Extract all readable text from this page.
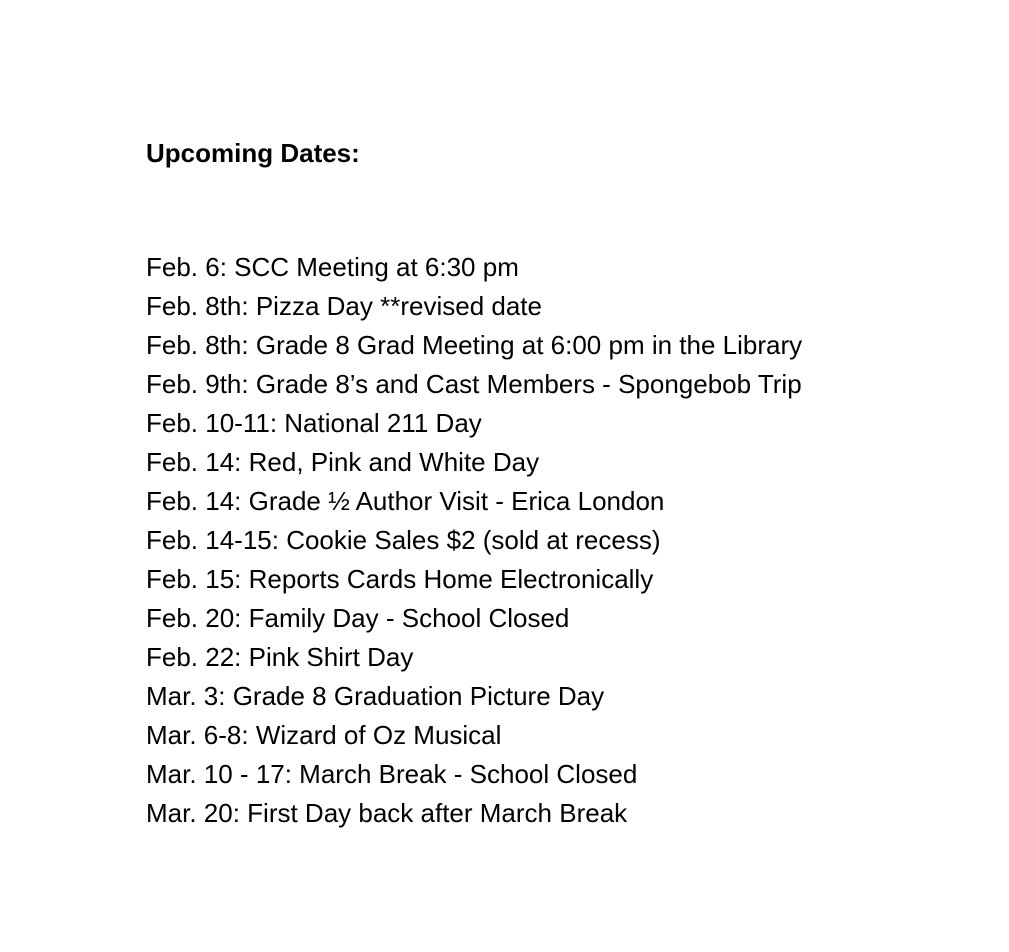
Upcoming Dates:
Feb. 6: SCC Meeting at 6:30 pm
Feb. 8th: Pizza Day **revised date
Feb. 8th: Grade 8 Grad Meeting at 6:00 pm in the Library
Feb. 9th: Grade 8’s and Cast Members - Spongebob Trip
Feb. 10-11: National 211 Day
Feb. 14: Red, Pink and White Day
Feb. 14: Grade ½ Author Visit - Erica London
Feb. 14-15: Cookie Sales $2 (sold at recess)
Feb. 15: Reports Cards Home Electronically
Feb. 20: Family Day - School Closed
Feb. 22: Pink Shirt Day
Mar. 3: Grade 8 Graduation Picture Day
Mar. 6-8: Wizard of Oz Musical
Mar. 10 - 17: March Break - School Closed
Mar. 20: First Day back after March Break
